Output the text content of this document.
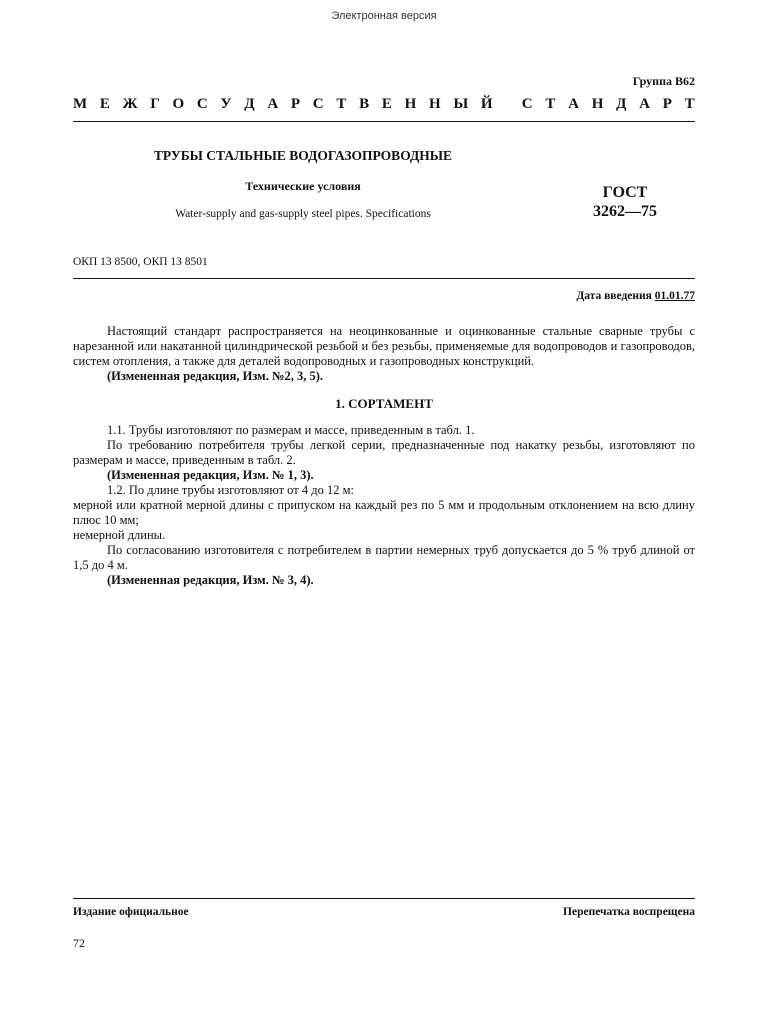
Электронная версия
Группа В62
М Е Ж Г О С У Д А Р С Т В Е Н Н Ы Й
С Т А Н Д А Р Т
ТРУБЫ СТАЛЬНЫЕ ВОДОГАЗОПРОВОДНЫЕ
Технические условия
Water-supply and gas-supply steel pipes. Specifications
ГОСТ
3262—75
ОКП 13 8500, ОКП 13 8501
Дата введения 01.01.77

Настоящий стандарт распространяется на неоцинкованные и оцинкованные стальные сварные трубы с нарезанной или накатанной цилиндрической резьбой и без резьбы, применяемые для водопроводов и газопроводов, систем отопления, а также для деталей водопроводных и газопроводных конструкций.

(Измененная редакция, Изм. №2, 3, 5).

1. СОРТАМЕНТ

1.1. Трубы изготовляют по размерам и массе, приведенным в табл. 1.

По требованию потребителя трубы легкой серии, предназначенные под накатку резьбы, изготовляют по размерам и массе, приведенным в табл. 2.

(Измененная редакция, Изм. № 1, 3).

1.2. По длине трубы изготовляют от 4 до 12 м:

мерной или кратной мерной длины с припуском на каждый рез по 5 мм и продольным отклонением на всю длину плюс 10 мм;

немерной длины.

По согласованию изготовителя с потребителем в партии немерных труб допускается до 5 % труб длиной от 1,5 до 4 м.

(Измененная редакция, Изм. № 3, 4).

Издание официальное	Перепечатка воспрещена
72
